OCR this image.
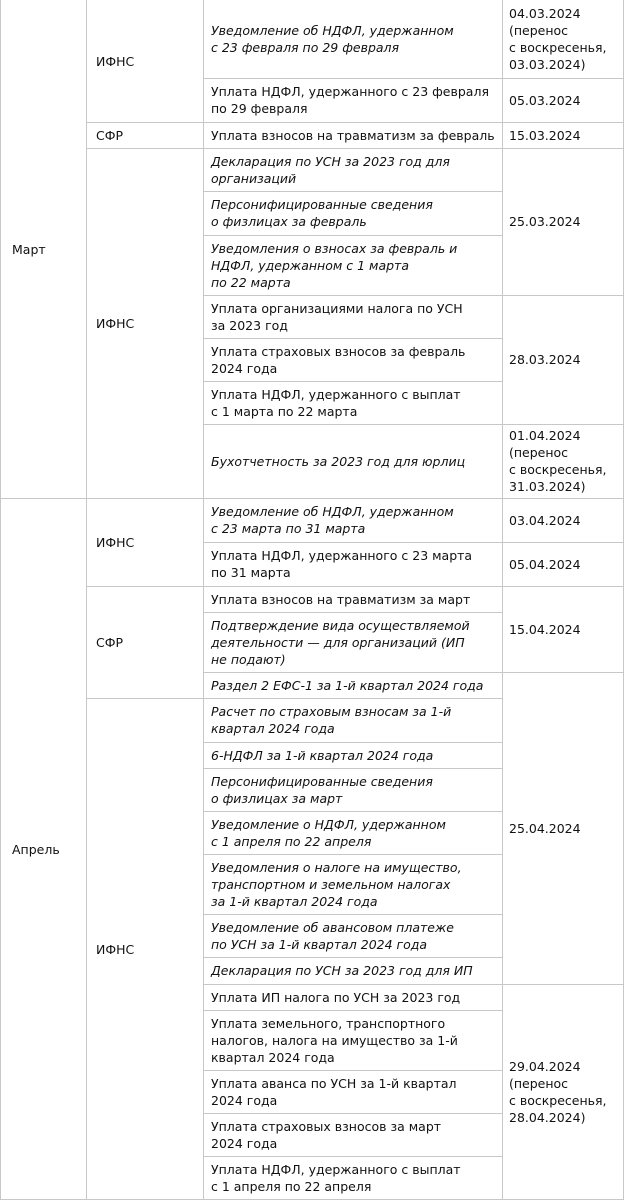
Март
Апрель
ИФНС
СФР
ИФНС
ИФНС
СФР
ИФНС
Уведомление об НДФЛ, удержанном
с 23 февраля по 29 февраля
Уплата НДФЛ, удержанного с 23 февраля
по 29 февраля
Уплата взносов на травматизм за февраль
Декларация по УСН за 2023 год для
организаций
Персонифицированные сведения
о физлицах за февраль
Уведомления о взносах за февраль и
НДФЛ, удержанном с 1 марта
по 22 марта
Уплата организациями налога по УСН
за 2023 год
Уплата страховых взносов за февраль
2024 года
Уплата НДФЛ, удержанного с выплат
с 1 марта по 22 марта
Бухотчетность за 2023 год для юрлиц
Уведомление об НДФЛ, удержанном
с 23 марта по 31 марта
Уплата НДФЛ, удержанного с 23 марта
по 31 марта
Уплата взносов на травматизм за март
Подтверждение вида осуществляемой
деятельности — для организаций (ИП
не подают)
Раздел 2 ЕФС-1 за 1-й квартал 2024 года
Расчет по страховым взносам за 1-й
квартал 2024 года
6-НДФЛ за 1-й квартал 2024 года
Персонифицированные сведения
о физлицах за март
Уведомление о НДФЛ, удержанном
с 1 апреля по 22 апреля
Уведомления о налоге на имущество,
транспортном и земельном налогах
за 1-й квартал 2024 года
Уведомление об авансовом платеже
по УСН за 1-й квартал 2024 года
Декларация по УСН за 2023 год для ИП
Уплата ИП налога по УСН за 2023 год
Уплата земельного, транспортного
налогов, налога на имущество за 1-й
квартал 2024 года
Уплата аванса по УСН за 1-й квартал
2024 года
Уплата страховых взносов за март
2024 года
Уплата НДФЛ, удержанного с выплат
с 1 апреля по 22 апреля
04.03.2024
(перенос
с воскресенья,
03.03.2024)
05.03.2024
15.03.2024
25.03.2024
28.03.2024
01.04.2024
(перенос
с воскресенья,
31.03.2024)
03.04.2024
05.04.2024
15.04.2024
25.04.2024
29.04.2024
(перенос
с воскресенья,
28.04.2024)
